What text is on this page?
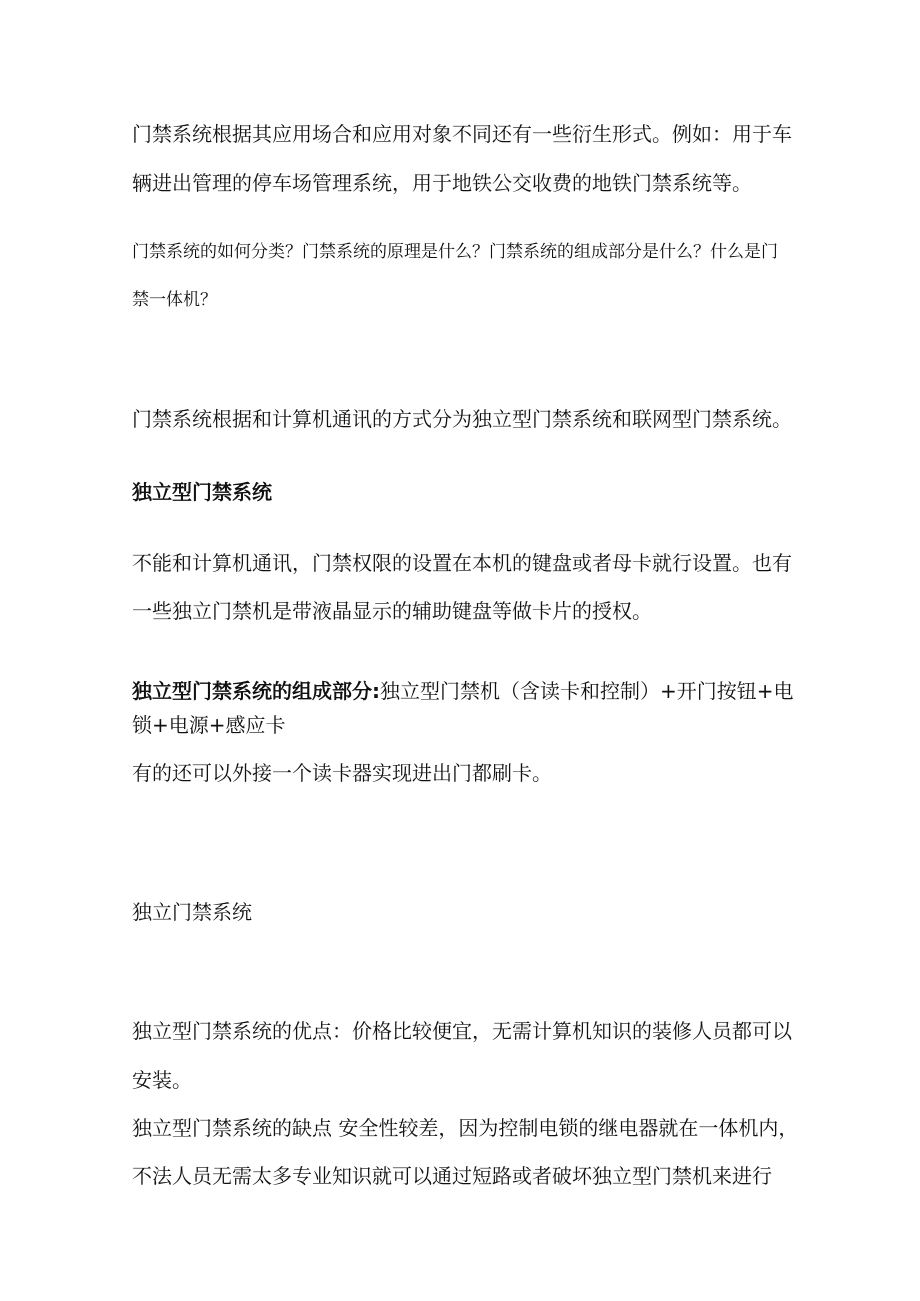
门禁系统根据其应用场合和应用对象不同还有一些衍生形式。例如：用于车
辆进出管理的停车场管理系统，用于地铁公交收费的地铁门禁系统等。
门禁系统的如何分类？门禁系统的原理是什么？门禁系统的组成部分是什么？什么是门
禁一体机？
门禁系统根据和计算机通讯的方式分为独立型门禁系统和联网型门禁系统。
独立型门禁系统
不能和计算机通讯，门禁权限的设置在本机的键盘或者母卡就行设置。也有
一些独立门禁机是带液晶显示的辅助键盘等做卡片的授权。
独立型门禁系统的组成部分:独立型门禁机（含读卡和控制）+开门按钮+电
锁+电源+感应卡
有的还可以外接一个读卡器实现进出门都刷卡。
独立门禁系统
独立型门禁系统的优点：价格比较便宜，无需计算机知识的装修人员都可以
安装。
独立型门禁系统的缺点 安全性较差，因为控制电锁的继电器就在一体机内，
不法人员无需太多专业知识就可以通过短路或者破坏独立型门禁机来进行
